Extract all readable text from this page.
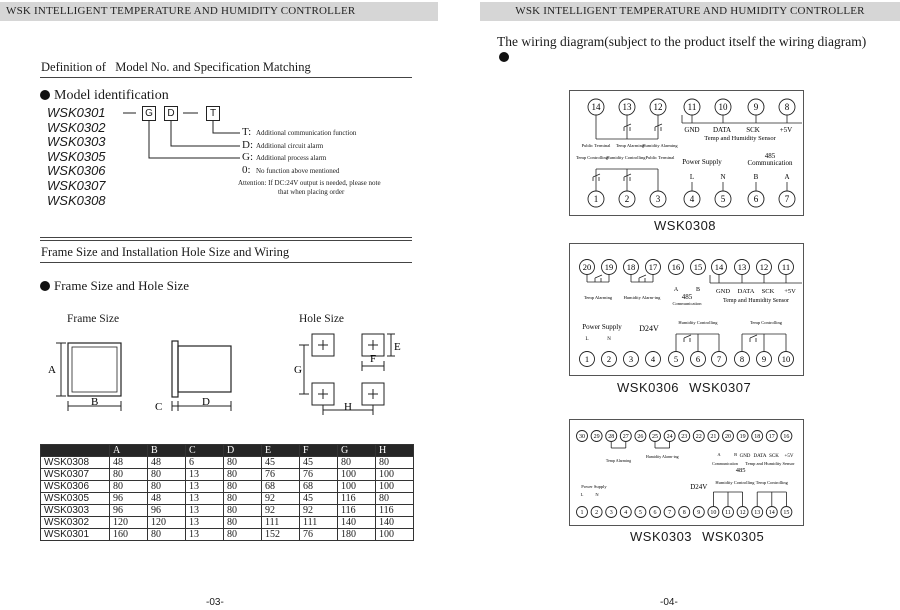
WSK INTELLIGENT TEMPERATURE AND HUMIDITY CONTROLLER
Definition of Model No. and Specification Matching
Model identification
WSK0301
WSK0302
WSK0303
WSK0305
WSK0306
WSK0307
WSK0308
G	D	T
T: Additional communication function
D: Additional circuit alarm
G: Additional process alarm
0: No function above mentioned
Attention: If DC:24V output is needed, please note
that when placing order
Frame Size and Installation Hole Size and Wiring
Frame Size and Hole Size
Frame Size	Hole Size
A
B	C	D
E
F
G
H
	A	B	C	D	E	F	G	H
WSK0308	48	48	6	80	45	45	80	80
WSK0307	80	80	13	80	76	76	100	100
WSK0306	80	80	13	80	68	68	100	100
WSK0305	96	48	13	80	92	45	116	80
WSK0303	96	96	13	80	92	92	116	116
WSK0302	120	120	13	80	111	111	140	140
WSK0301	160	80	13	80	152	76	180	100
-03-
WSK INTELLIGENT TEMPERATURE AND HUMIDITY CONTROLLER
The wiring diagram(subject to the product itself the wiring diagram)
14 13 12	11 10	9	8
1	2	3	4	5	6	7
Public Terminal Temp Alarming
Humidity Alarming
GND DATA SCK	+5V
Temp and Humidity Sensor
Temp Controlling
Humidity Controlling Public Terminal
Power Supply
485
Communication
L	N	B	A
WSK0308
20 19 18 17 16 15 14 13 12 11
1 2 3 4 5 6 7 8 9 10
Temp Alarming	Humidity Alarm-ing
A	B
485
Communication
GND DATA SCK +5V
Temp and Humidity Sensor
Power Supply D24V
L	N
Humidity Controlling	Temp Controlling
WSK0306 WSK0307
30 29 28 27 26 25 24 23 22 21 20 19 18 17 16
1 2 3 4 5 6 7 8 9 10 11 12 13 14 15
Temp Alarming
Humidity Alarm-ing	A	B
Communication
485
GND DATA SCK +5V
Temp and Humidity Sensor
Power Supply
L	N
D24V
Humidity Controlling Temp Controlling
WSK0303 WSK0305
-04-
